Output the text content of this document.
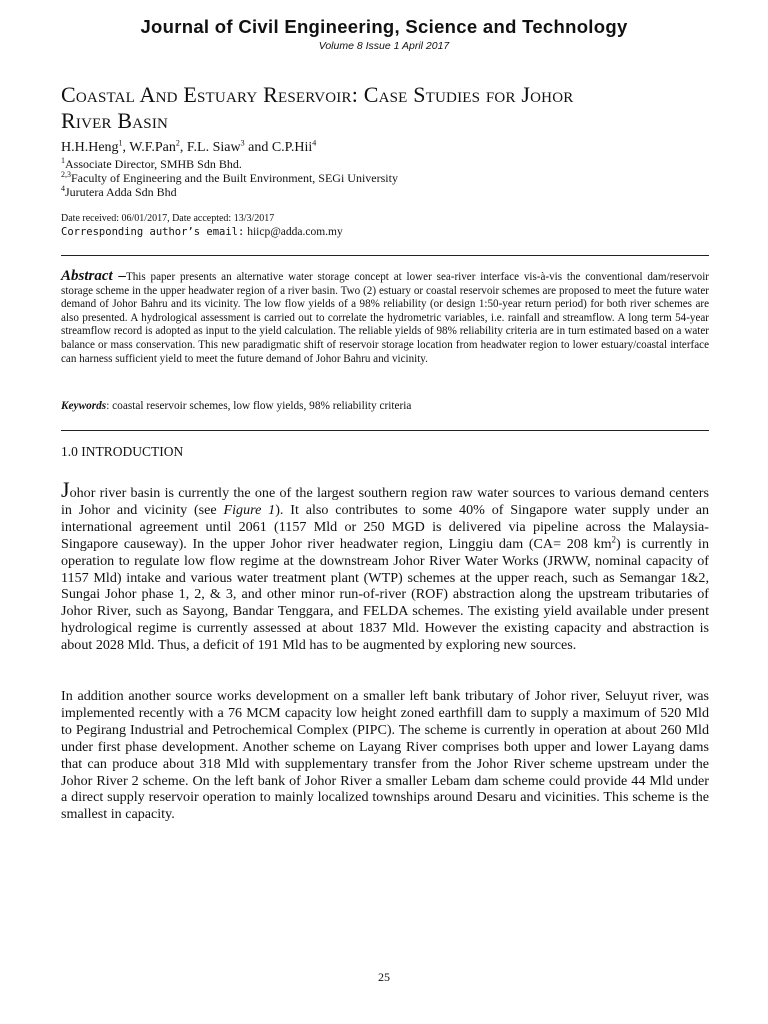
Journal of Civil Engineering, Science and Technology
Volume 8 Issue 1 April 2017
Coastal And Estuary Reservoir: Case Studies for Johor
River Basin
H.H.Heng$^1$, W.F.Pan$^2$, F.L. Siaw$^3$ and C.P.Hii$^4$
$^1$Associate Director, SMHB Sdn Bhd.
$^{2,3}$Faculty of Engineering and the Built Environment, SEGi University
$^4$Jurutera Adda Sdn Bhd
Date received: 06/01/2017, Date accepted: 13/3/2017
Corresponding author’s email: hiicp@adda.com.my
Abstract –This paper presents an alternative water storage concept at lower sea-river interface vis-à-vis the conventional dam/reservoir storage scheme in the upper headwater region of a river basin. Two (2) estuary or coastal reservoir schemes are proposed to meet the future water demand of Johor Bahru and its vicinity. The low flow yields of a 98% reliability (or design 1:50-year return period) for both river schemes are also presented. A hydrological assessment is carried out to correlate the hydrometric variables, i.e. rainfall and streamflow. A long term 54-year streamflow record is adopted as input to the yield calculation. The reliable yields of 98% reliability criteria are in turn estimated based on a water balance or mass conservation. This new paradigmatic shift of reservoir storage location from headwater region to lower estuary/coastal interface can harness sufficient yield to meet the future demand of Johor Bahru and vicinity.
Keywords: coastal reservoir schemes, low flow yields, 98% reliability criteria
1.0 INTRODUCTION
Johor river basin is currently the one of the largest southern region raw water sources to various demand centers in Johor and vicinity (see Figure 1). It also contributes to some 40% of Singapore water supply under an international agreement until 2061 (1157 Mld or 250 MGD is delivered via pipeline across the Malaysia-Singapore causeway). In the upper Johor river headwater region, Linggiu dam (CA= 208 $km^2$) is currently in operation to regulate low flow regime at the downstream Johor River Water Works (JRWW, nominal capacity of 1157 Mld) intake and various water treatment plant (WTP) schemes at the upper reach, such as Semangar 1&2, Sungai Johor phase 1, 2, & 3, and other minor run-of-river (ROF) abstraction along the upstream tributaries of Johor River, such as Sayong, Bandar Tenggara, and FELDA schemes. The existing yield available under present hydrological regime is currently assessed at about 1837 Mld. However the existing capacity and abstraction is about 2028 Mld. Thus, a deficit of 191 Mld has to be augmented by exploring new sources.
In addition another source works development on a smaller left bank tributary of Johor river, Seluyut river, was implemented recently with a 76 MCM capacity low height zoned earthfill dam to supply a maximum of 520 Mld to Pegirang Industrial and Petrochemical Complex (PIPC). The scheme is currently in operation at about 260 Mld under first phase development. Another scheme on Layang River comprises both upper and lower Layang dams that can produce about 318 Mld with supplementary transfer from the Johor River scheme upstream under the Johor River 2 scheme. On the left bank of Johor River a smaller Lebam dam scheme could provide 44 Mld under a direct supply reservoir operation to mainly localized townships around Desaru and vicinities. This scheme is the smallest in capacity.
25
